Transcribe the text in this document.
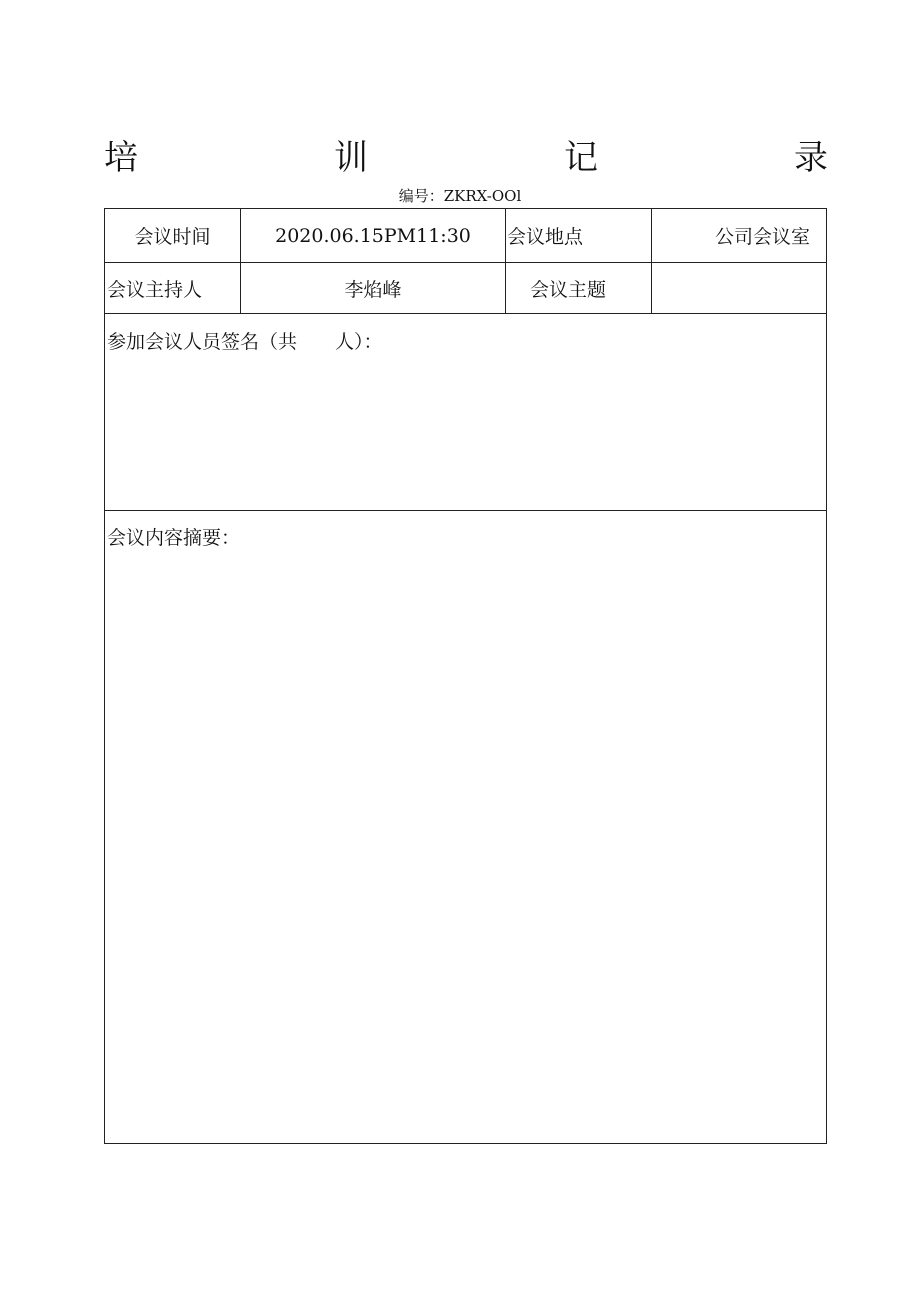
培	训	记	录
编号：ZKRX-OOl
会议时间	2020.06.15PM11:30	会议地点	公司会议室
会议主持人	李焰峰	会议主题
参加会议人员签名（共　　人）：
会议内容摘要：
